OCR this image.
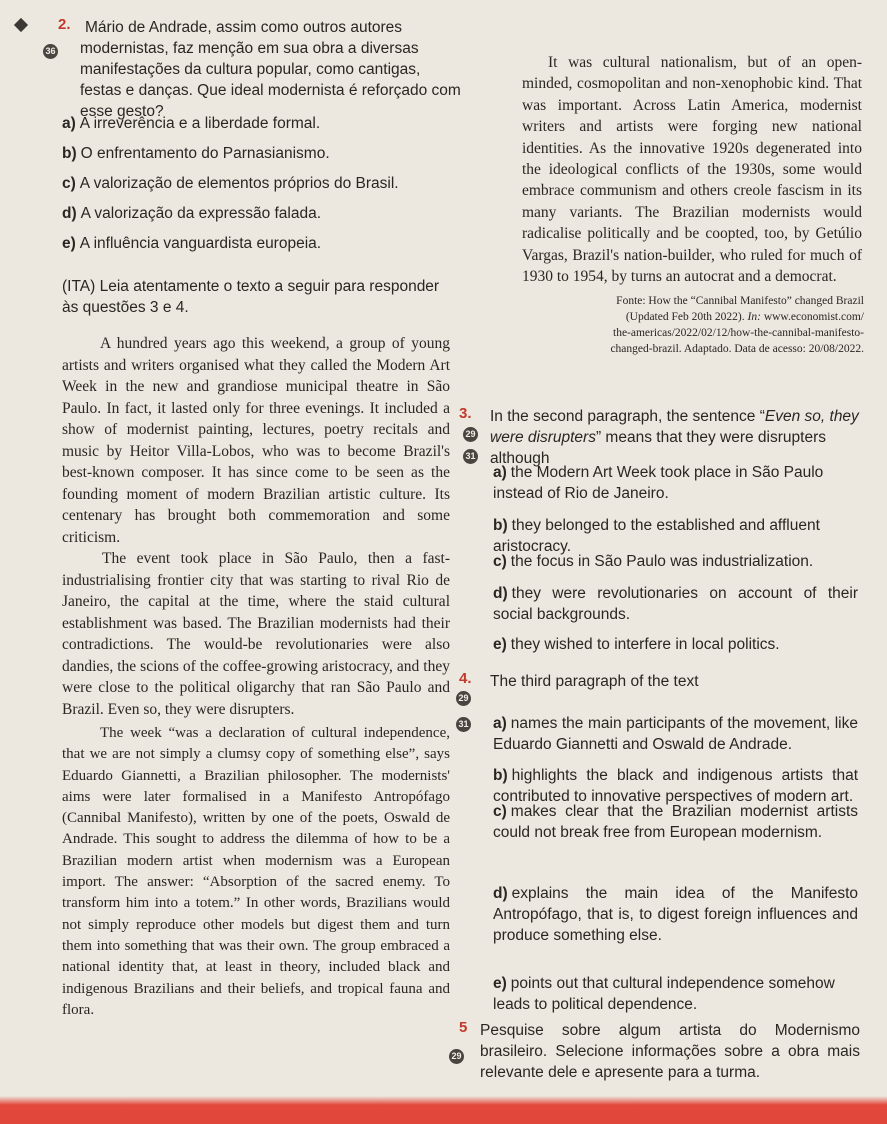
2.
36
Mário de Andrade, assim como outros autores modernistas, faz menção em sua obra a diversas manifestações da cultura popular, como cantigas, festas e danças. Que ideal modernista é reforçado com esse gesto?
a) A irreverência e a liberdade formal.
b) O enfrentamento do Parnasianismo.
c) A valorização de elementos próprios do Brasil.
d) A valorização da expressão falada.
e) A influência vanguardista europeia.
(ITA) Leia atentamente o texto a seguir para responder às questões 3 e 4.

A hundred years ago this weekend, a group of young artists and writers organised what they called the Modern Art Week in the new and grandiose municipal theatre in São Paulo. In fact, it lasted only for three evenings. It included a show of modernist painting, lectures, poetry recitals and music by Heitor Villa-Lobos, who was to become Brazil's best-known composer. It has since come to be seen as the founding moment of modern Brazilian artistic culture. Its centenary has brought both commemoration and some criticism.

The event took place in São Paulo, then a fast-industrialising frontier city that was starting to rival Rio de Janeiro, the capital at the time, where the staid cultural establishment was based. The Brazilian modernists had their contradictions. The would-be revolutionaries were also dandies, the scions of the coffee-growing aristocracy, and they were close to the political oligarchy that ran São Paulo and Brazil. Even so, they were disrupters.

The week “was a declaration of cultural independence, that we are not simply a clumsy copy of something else”, says Eduardo Giannetti, a Brazilian philosopher. The modernists' aims were later formalised in a Manifesto Antropófago (Cannibal Manifesto), written by one of the poets, Oswald de Andrade. This sought to address the dilemma of how to be a Brazilian modern artist when modernism was a European import. The answer: “Absorption of the sacred enemy. To transform him into a totem.” In other words, Brazilians would not simply reproduce other models but digest them and turn them into something that was their own. The group embraced a national identity that, at least in theory, included black and indigenous Brazilians and their beliefs, and tropical fauna and flora.

It was cultural nationalism, but of an open-minded, cosmopolitan and non-xenophobic kind. That was important. Across Latin America, modernist writers and artists were forging new national identities. As the innovative 1920s degenerated into the ideological conflicts of the 1930s, some would embrace communism and others creole fascism in its many variants. The Brazilian modernists would radicalise politically and be coopted, too, by Getúlio Vargas, Brazil's nation-builder, who ruled for much of 1930 to 1954, by turns an autocrat and a democrat.
Fonte: How the “Cannibal Manifesto” changed Brazil
(Updated Feb 20th 2022). In: www.economist.com/
the-americas/2022/02/12/how-the-cannibal-manifesto-
changed-brazil. Adaptado. Data de acesso: 20/08/2022.
3.
29
31
In the second paragraph, the sentence “Even so, they were disrupters” means that they were disrupters although
a) the Modern Art Week took place in São Paulo instead of Rio de Janeiro.
b) they belonged to the established and affluent aristocracy.
c) the focus in São Paulo was industrialization.
d) they were revolutionaries on account of their social backgrounds.
e) they wished to interfere in local politics.
4.
29
31
The third paragraph of the text
a) names the main participants of the movement, like Eduardo Giannetti and Oswald de Andrade.
b) highlights the black and indigenous artists that contributed to innovative perspectives of modern art.
c) makes clear that the Brazilian modernist artists could not break free from European modernism.
d) explains the main idea of the Manifesto Antropófago, that is, to digest foreign influences and produce something else.
e) points out that cultural independence somehow leads to political dependence.
5
29
Pesquise sobre algum artista do Modernismo brasileiro. Selecione informações sobre a obra mais relevante dele e apresente para a turma.
